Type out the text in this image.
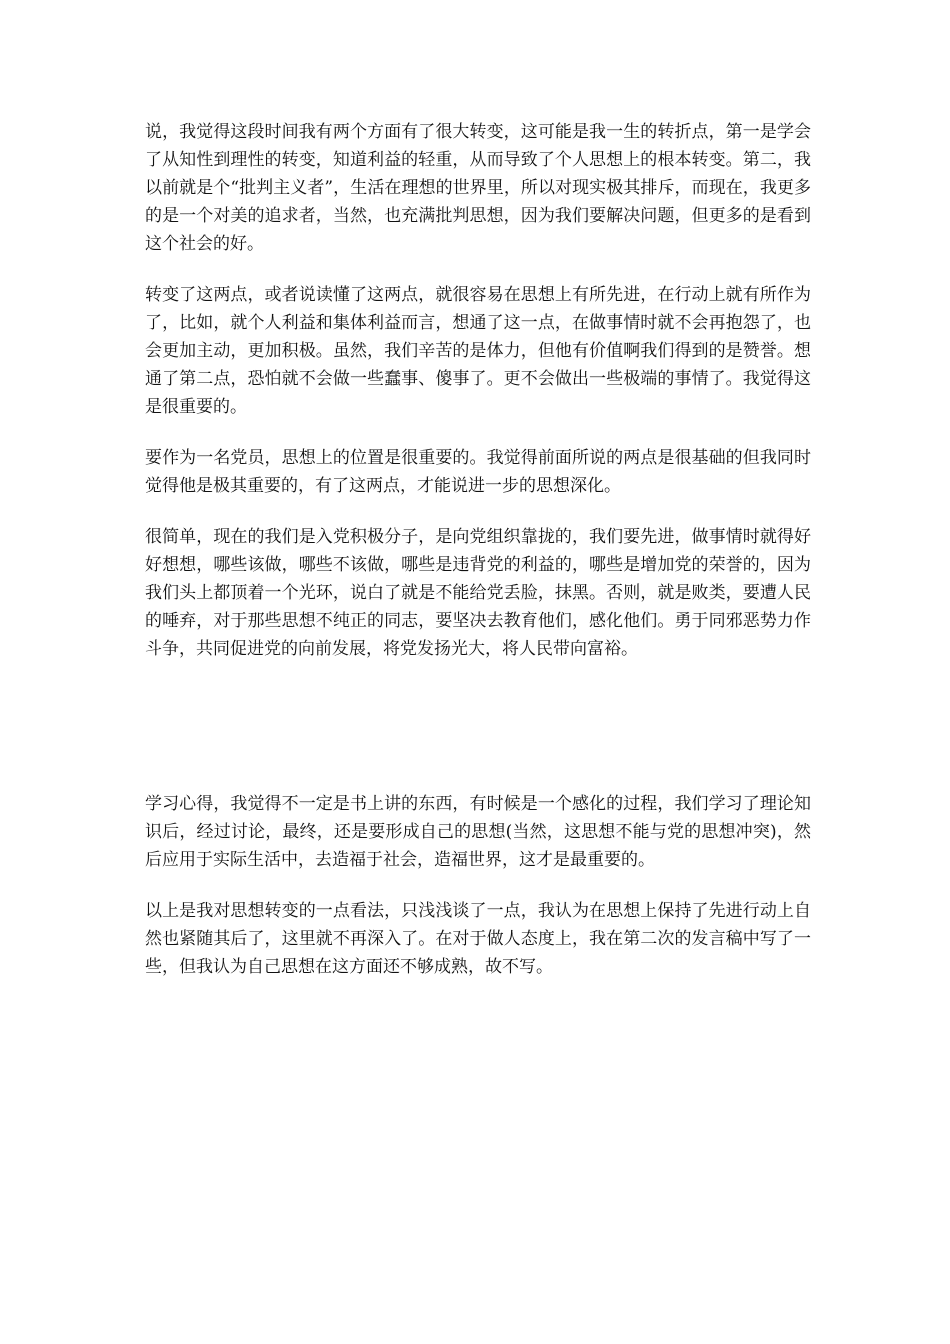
说，我觉得这段时间我有两个方面有了很大转变，这可能是我一生的转折点，第一是学会了从知性到理性的转变，知道利益的轻重，从而导致了个人思想上的根本转变。第二，我以前就是个“批判主义者”，生活在理想的世界里，所以对现实极其排斥，而现在，我更多的是一个对美的追求者，当然，也充满批判思想，因为我们要解决问题，但更多的是看到这个社会的好。

转变了这两点，或者说读懂了这两点，就很容易在思想上有所先进，在行动上就有所作为了，比如，就个人利益和集体利益而言，想通了这一点，在做事情时就不会再抱怨了，也会更加主动，更加积极。虽然，我们辛苦的是体力，但他有价值啊我们得到的是赞誉。想通了第二点，恐怕就不会做一些蠢事、傻事了。更不会做出一些极端的事情了。我觉得这是很重要的。

要作为一名党员，思想上的位置是很重要的。我觉得前面所说的两点是很基础的但我同时觉得他是极其重要的，有了这两点，才能说进一步的思想深化。

很简单，现在的我们是入党积极分子，是向党组织靠拢的，我们要先进，做事情时就得好好想想，哪些该做，哪些不该做，哪些是违背党的利益的，哪些是增加党的荣誉的，因为我们头上都顶着一个光环，说白了就是不能给党丢脸，抹黑。否则，就是败类，要遭人民的唾弃，对于那些思想不纯正的同志，要坚决去教育他们，感化他们。勇于同邪恶势力作斗争，共同促进党的向前发展，将党发扬光大，将人民带向富裕。

学习心得，我觉得不一定是书上讲的东西，有时候是一个感化的过程，我们学习了理论知识后，经过讨论，最终，还是要形成自己的思想(当然，这思想不能与党的思想冲突)，然后应用于实际生活中，去造福于社会，造福世界，这才是最重要的。

以上是我对思想转变的一点看法，只浅浅谈了一点，我认为在思想上保持了先进行动上自然也紧随其后了，这里就不再深入了。在对于做人态度上，我在第二次的发言稿中写了一些，但我认为自己思想在这方面还不够成熟，故不写。
